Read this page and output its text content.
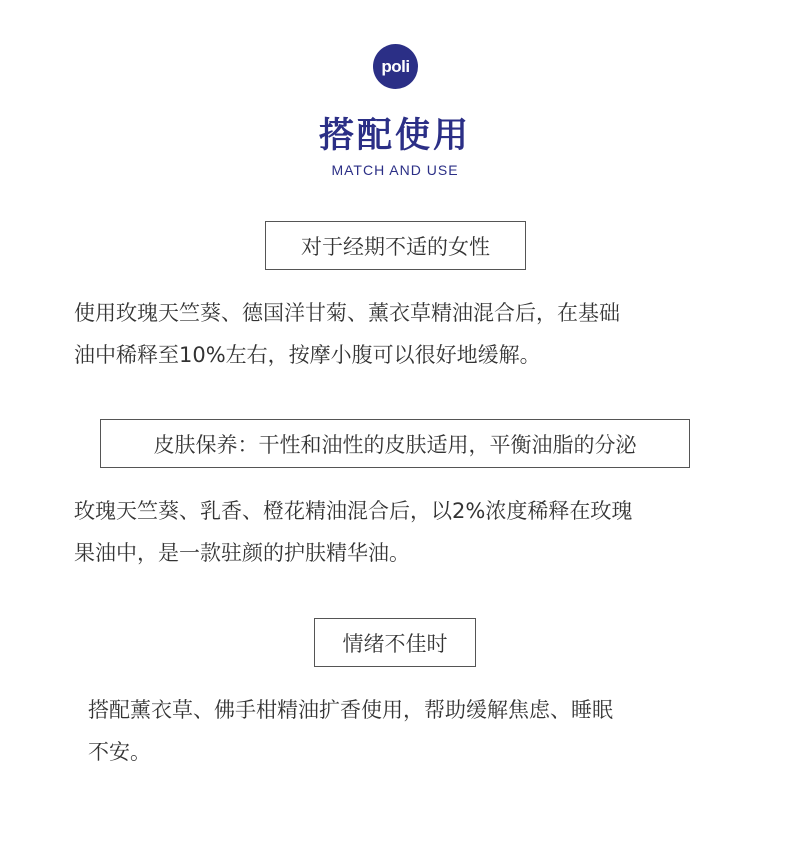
poli
搭配使用
MATCH AND USE
对于经期不适的女性
使用玫瑰天竺葵、德国洋甘菊、薰衣草精油混合后，在基础
油中稀释至10%左右，按摩小腹可以很好地缓解。
皮肤保养：干性和油性的皮肤适用，平衡油脂的分泌
玫瑰天竺葵、乳香、橙花精油混合后，以2%浓度稀释在玫瑰
果油中，是一款驻颜的护肤精华油。
情绪不佳时
搭配薰衣草、佛手柑精油扩香使用，帮助缓解焦虑、睡眠
不安。
